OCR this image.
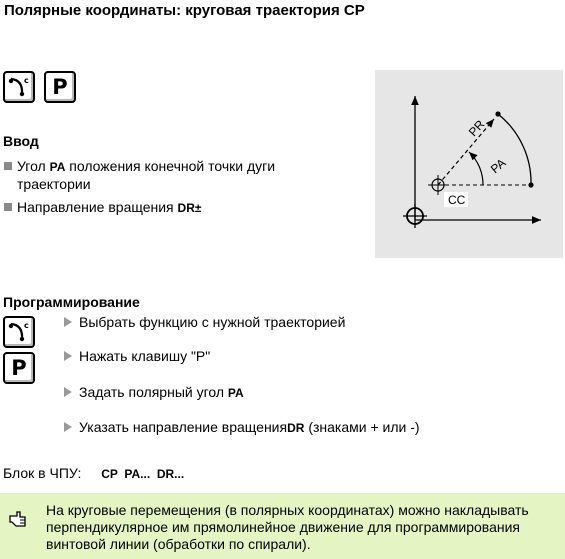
Полярные координаты: круговая траектория CP
c P
Ввод
Угол PA положения конечной точки дуги траектории
Направление вращения DR±
PR
PA
CC
Программирование
c
P
Выбрать функцию с нужной траекторией
Нажать клавишу "P"
Задать полярный угол PA
Указать направление вращенияDR (знаками + или -)
Блок в ЧПУ: CP  PA...  DR...
На круговые перемещения (в полярных координатах) можно накладывать перпендикулярное им прямолинейное движение для программирования винтовой линии (обработки по спирали).
